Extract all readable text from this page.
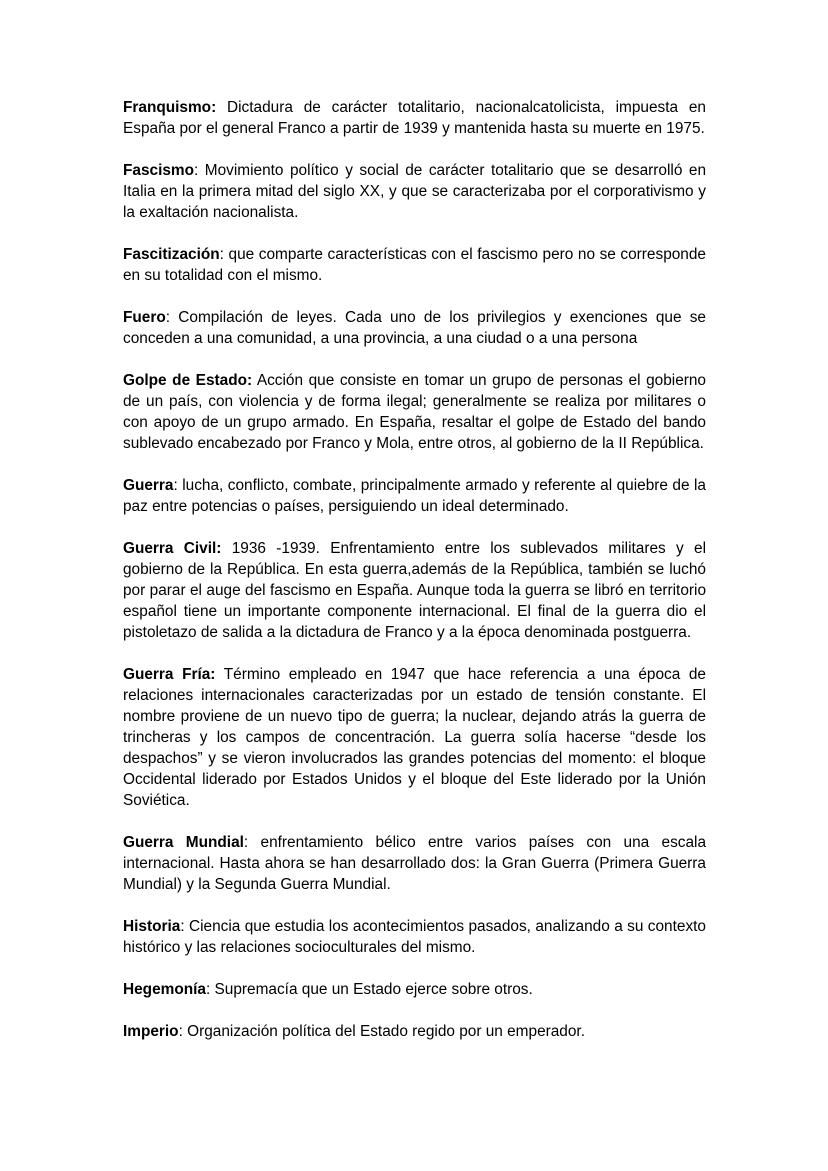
Franquismo: Dictadura de carácter totalitario, nacionalcatolicista, impuesta en España por el general Franco a partir de 1939 y mantenida hasta su muerte en 1975.

Fascismo: Movimiento político y social de carácter totalitario que se desarrolló en Italia en la primera mitad del siglo XX, y que se caracterizaba por el corporativismo y la exaltación nacionalista.

Fascitización: que comparte características con el fascismo pero no se corresponde en su totalidad con el mismo.

Fuero: Compilación de leyes. Cada uno de los privilegios y exenciones que se conceden a una comunidad, a una provincia, a una ciudad o a una persona

Golpe de Estado: Acción que consiste en tomar un grupo de personas el gobierno de un país, con violencia y de forma ilegal; generalmente se realiza por militares o con apoyo de un grupo armado. En España, resaltar el golpe de Estado del bando sublevado encabezado por Franco y Mola, entre otros, al gobierno de la II República.

Guerra: lucha, conflicto, combate, principalmente armado y referente al quiebre de la paz entre potencias o países, persiguiendo un ideal determinado.

Guerra Civil: 1936 -1939. Enfrentamiento entre los sublevados militares y el gobierno de la República. En esta guerra,además de la República, también se luchó por parar el auge del fascismo en España. Aunque toda la guerra se libró en territorio español tiene un importante componente internacional. El final de la guerra dio el pistoletazo de salida a la dictadura de Franco y a la época denominada postguerra.

Guerra Fría: Término empleado en 1947 que hace referencia a una época de relaciones internacionales caracterizadas por un estado de tensión constante. El nombre proviene de un nuevo tipo de guerra; la nuclear, dejando atrás la guerra de trincheras y los campos de concentración. La guerra solía hacerse “desde los despachos” y se vieron involucrados las grandes potencias del momento: el bloque Occidental liderado por Estados Unidos y el bloque del Este liderado por la Unión Soviética.

Guerra Mundial: enfrentamiento bélico entre varios países con una escala internacional. Hasta ahora se han desarrollado dos: la Gran Guerra (Primera Guerra Mundial) y la Segunda Guerra Mundial.

Historia: Ciencia que estudia los acontecimientos pasados, analizando a su contexto histórico y las relaciones socioculturales del mismo.

Hegemonía: Supremacía que un Estado ejerce sobre otros.

Imperio: Organización política del Estado regido por un emperador.
